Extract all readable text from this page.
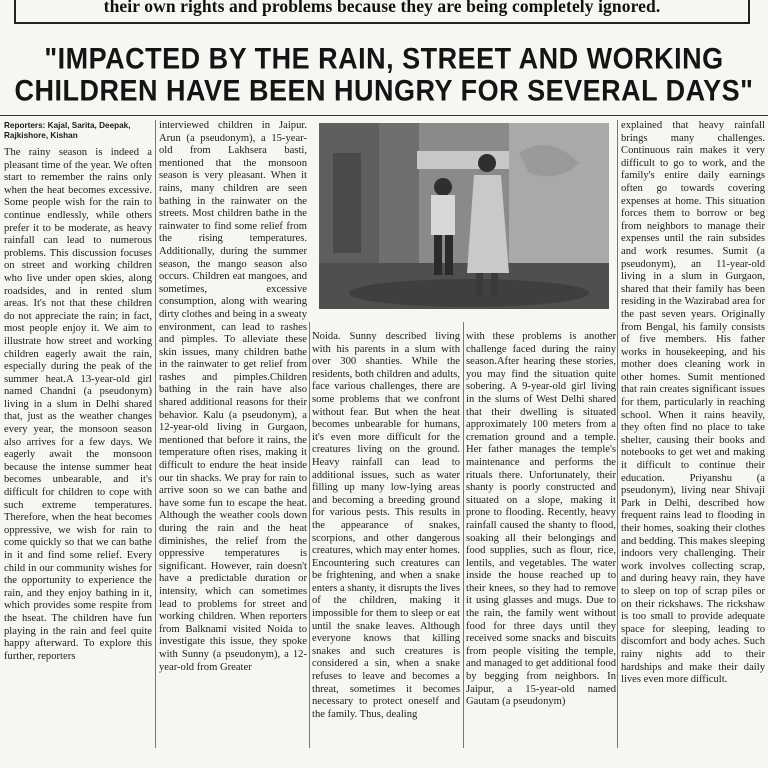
their own rights and problems because they are being completely ignored.
"IMPACTED BY THE RAIN, STREET AND WORKING
CHILDREN HAVE BEEN HUNGRY FOR SEVERAL DAYS"

Reporters: Kajal, Sarita, Deepak, Rajkishore, Kishan

The rainy season is indeed a pleasant time of the year. We often start to remember the rains only when the heat becomes excessive. Some people wish for the rain to continue endlessly, while others prefer it to be moderate, as heavy rainfall can lead to numerous problems. This discussion focuses on street and working children who live under open skies, along roadsides, and in rented slum areas. It's not that these children do not appreciate the rain; in fact, most people enjoy it. We aim to illustrate how street and working children eagerly await the rain, especially during the peak of the summer heat.A 13-year-old girl named Chandni (a pseudonym) living in a slum in Delhi shared that, just as the weather changes every year, the monsoon season also arrives for a few days. We eagerly await the monsoon because the intense summer heat becomes unbearable, and it's difficult for children to cope with such extreme temperatures. Therefore, when the heat becomes oppressive, we wish for rain to come quickly so that we can bathe in it and find some relief. Every child in our community wishes for the opportunity to experience the rain, and they enjoy bathing in it, which provides some respite from the hseat. The children have fun playing in the rain and feel quite happy afterward. To explore this further, reporters

interviewed children in Jaipur. Arun (a pseudonym), a 15-year-old from Lakhsera basti, mentioned that the monsoon season is very pleasant. When it rains, many children are seen bathing in the rainwater on the streets. Most children bathe in the rainwater to find some relief from the rising temperatures. Additionally, during the summer season, the mango season also occurs. Children eat mangoes, and sometimes, excessive consumption, along with wearing dirty clothes and being in a sweaty environment, can lead to rashes and pimples. To alleviate these skin issues, many children bathe in the rainwater to get relief from rashes and pimples.Children bathing in the rain have also shared additional reasons for their behavior. Kalu (a pseudonym), a 12-year-old living in Gurgaon, mentioned that before it rains, the temperature often rises, making it difficult to endure the heat inside our tin shacks. We pray for rain to arrive soon so we can bathe and have some fun to escape the heat. Although the weather cools down during the rain and the heat diminishes, the relief from the oppressive temperatures is significant. However, rain doesn't have a predictable duration or intensity, which can sometimes lead to problems for street and working children. When reporters from Balknami visited Noida to investigate this issue, they spoke with Sunny (a pseudonym), a 12-year-old from Greater

Noida. Sunny described living with his parents in a slum with over 300 shanties. While the residents, both children and adults, face various challenges, there are some problems that we confront without fear. But when the heat becomes unbearable for humans, it's even more difficult for the creatures living on the ground. Heavy rainfall can lead to additional issues, such as water filling up many low-lying areas and becoming a breeding ground for various pests. This results in the appearance of snakes, scorpions, and other dangerous creatures, which may enter homes. Encountering such creatures can be frightening, and when a snake enters a shanty, it disrupts the lives of the children, making it impossible for them to sleep or eat until the snake leaves. Although everyone knows that killing snakes and such creatures is considered a sin, when a snake refuses to leave and becomes a threat, sometimes it becomes necessary to protect oneself and the family. Thus, dealing

with these problems is another challenge faced during the rainy season.After hearing these stories, you may find the situation quite sobering. A 9-year-old girl living in the slums of West Delhi shared that their dwelling is situated approximately 100 meters from a cremation ground and a temple. Her father manages the temple's maintenance and performs the rituals there. Unfortunately, their shanty is poorly constructed and situated on a slope, making it prone to flooding. Recently, heavy rainfall caused the shanty to flood, soaking all their belongings and food supplies, such as flour, rice, lentils, and vegetables. The water inside the house reached up to their knees, so they had to remove it using glasses and mugs. Due to the rain, the family went without food for three days until they received some snacks and biscuits from people visiting the temple, and managed to get additional food by begging from neighbors. In Jaipur, a 15-year-old named Gautam (a pseudonym)

explained that heavy rainfall brings many challenges. Continuous rain makes it very difficult to go to work, and the family's entire daily earnings often go towards covering expenses at home. This situation forces them to borrow or beg from neighbors to manage their expenses until the rain subsides and work resumes. Sumit (a pseudonym), an 11-year-old living in a slum in Gurgaon, shared that their family has been residing in the Wazirabad area for the past seven years. Originally from Bengal, his family consists of five members. His father works in housekeeping, and his mother does cleaning work in other homes. Sumit mentioned that rain creates significant issues for them, particularly in reaching school. When it rains heavily, they often find no place to take shelter, causing their books and notebooks to get wet and making it difficult to continue their education. Priyanshu (a pseudonym), living near Shivaji Park in Delhi, described how frequent rains lead to flooding in their homes, soaking their clothes and bedding. This makes sleeping indoors very challenging. Their work involves collecting scrap, and during heavy rain, they have to sleep on top of scrap piles or on their rickshaws. The rickshaw is too small to provide adequate space for sleeping, leading to discomfort and body aches. Such rainy nights add to their hardships and make their daily lives even more difficult.
